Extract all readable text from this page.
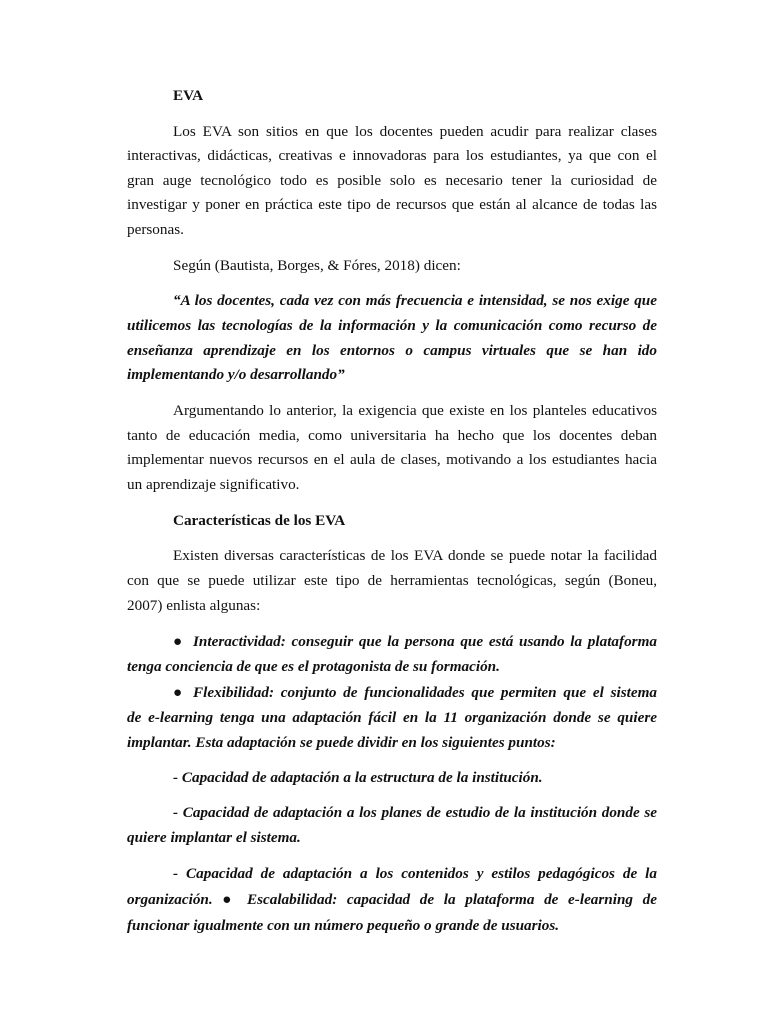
EVA
Los EVA son sitios en que los docentes pueden acudir para realizar clases
interactivas, didácticas, creativas e innovadoras para los estudiantes, ya que con el
gran auge tecnológico todo es posible solo es necesario tener la curiosidad de
investigar y poner en práctica este tipo de recursos que están al alcance de todas las
personas.
Según (Bautista, Borges, & Fóres, 2018) dicen:
“A los docentes, cada vez con más frecuencia e intensidad, se nos exige que
utilicemos las tecnologías de la información y la comunicación como recurso de
enseñanza aprendizaje en los entornos o campus virtuales que se han ido
implementando y/o desarrollando”
Argumentando lo anterior, la exigencia que existe en los planteles educativos
tanto de educación media, como universitaria ha hecho que los docentes deban
implementar nuevos recursos en el aula de clases, motivando a los estudiantes hacia
un aprendizaje significativo.
Características de los EVA
Existen diversas características de los EVA donde se puede notar la facilidad
con que se puede utilizar este tipo de herramientas tecnológicas, según (Boneu,
2007) enlista algunas:
● Interactividad: conseguir que la persona que está usando la plataforma
tenga conciencia de que es el protagonista de su formación.
● Flexibilidad: conjunto de funcionalidades que permiten que el sistema
de e-learning tenga una adaptación fácil en la 11 organización donde se quiere
implantar. Esta adaptación se puede dividir en los siguientes puntos:
- Capacidad de adaptación a la estructura de la institución.
- Capacidad de adaptación a los planes de estudio de la institución donde se
quiere implantar el sistema.
- Capacidad de adaptación a los contenidos y estilos pedagógicos de la
organización. ● Escalabilidad: capacidad de la plataforma de e-learning de
funcionar igualmente con un número pequeño o grande de usuarios.
